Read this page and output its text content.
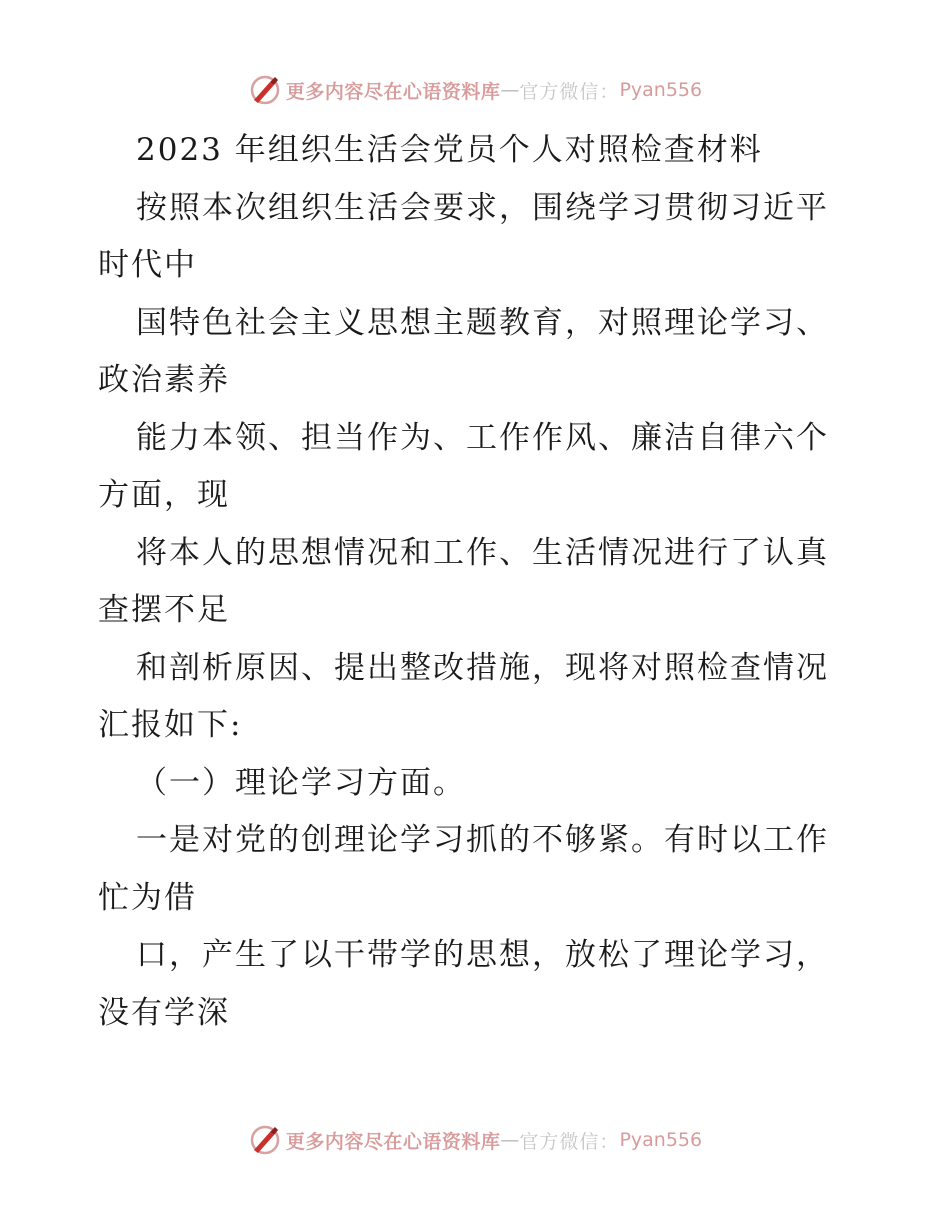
更多内容尽在心语资料库 — 官方微信： Pyan556
2023 年组织生活会党员个人对照检查材料
按照本次组织生活会要求，围绕学习贯彻习近平
时代中
国特色社会主义思想主题教育，对照理论学习、
政治素养
能力本领、担当作为、工作作风、廉洁自律六个
方面，现
将本人的思想情况和工作、生活情况进行了认真
查摆不足
和剖析原因、提出整改措施，现将对照检查情况
汇报如下:
（一）理论学习方面。
一是对党的创理论学习抓的不够紧。有时以工作
忙为借
口，产生了以干带学的思想，放松了理论学习，
没有学深
更多内容尽在心语资料库 — 官方微信： Pyan556
